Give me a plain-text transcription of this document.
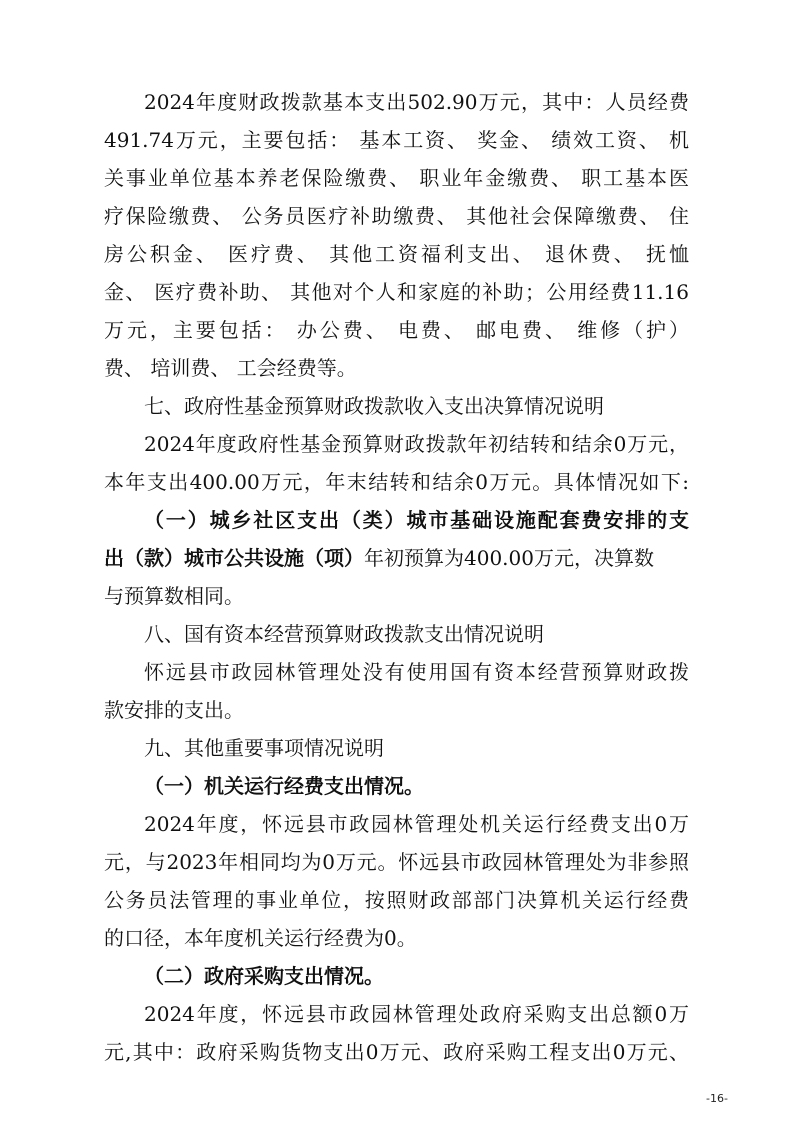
2024年度财政拨款基本支出502.90万元，其中：人员经费
491.74万元，主要包括： 基本工资、 奖金、 绩效工资、 机
关事业单位基本养老保险缴费、 职业年金缴费、 职工基本医
疗保险缴费、 公务员医疗补助缴费、 其他社会保障缴费、 住
房公积金、 医疗费、 其他工资福利支出、 退休费、 抚恤
金、 医疗费补助、 其他对个人和家庭的补助；公用经费11.16
万元，主要包括： 办公费、 电费、 邮电费、 维修（护）
费、 培训费、 工会经费等。
七、政府性基金预算财政拨款收入支出决算情况说明
2024年度政府性基金预算财政拨款年初结转和结余0万元，
本年支出400.00万元，年末结转和结余0万元。具体情况如下:
（一）城乡社区支出（类）城市基础设施配套费安排的支
出（款）城市公共设施（项）年初预算为400.00万元，决算数
与预算数相同。
八、国有资本经营预算财政拨款支出情况说明
怀远县市政园林管理处没有使用国有资本经营预算财政拨
款安排的支出。
九、其他重要事项情况说明
（一）机关运行经费支出情况。
2024年度，怀远县市政园林管理处机关运行经费支出0万
元，与2023年相同均为0万元。怀远县市政园林管理处为非参照
公务员法管理的事业单位，按照财政部部门决算机关运行经费
的口径，本年度机关运行经费为0。
（二）政府采购支出情况。
2024年度，怀远县市政园林管理处政府采购支出总额0万
元,其中：政府采购货物支出0万元、政府采购工程支出0万元、
-16-
